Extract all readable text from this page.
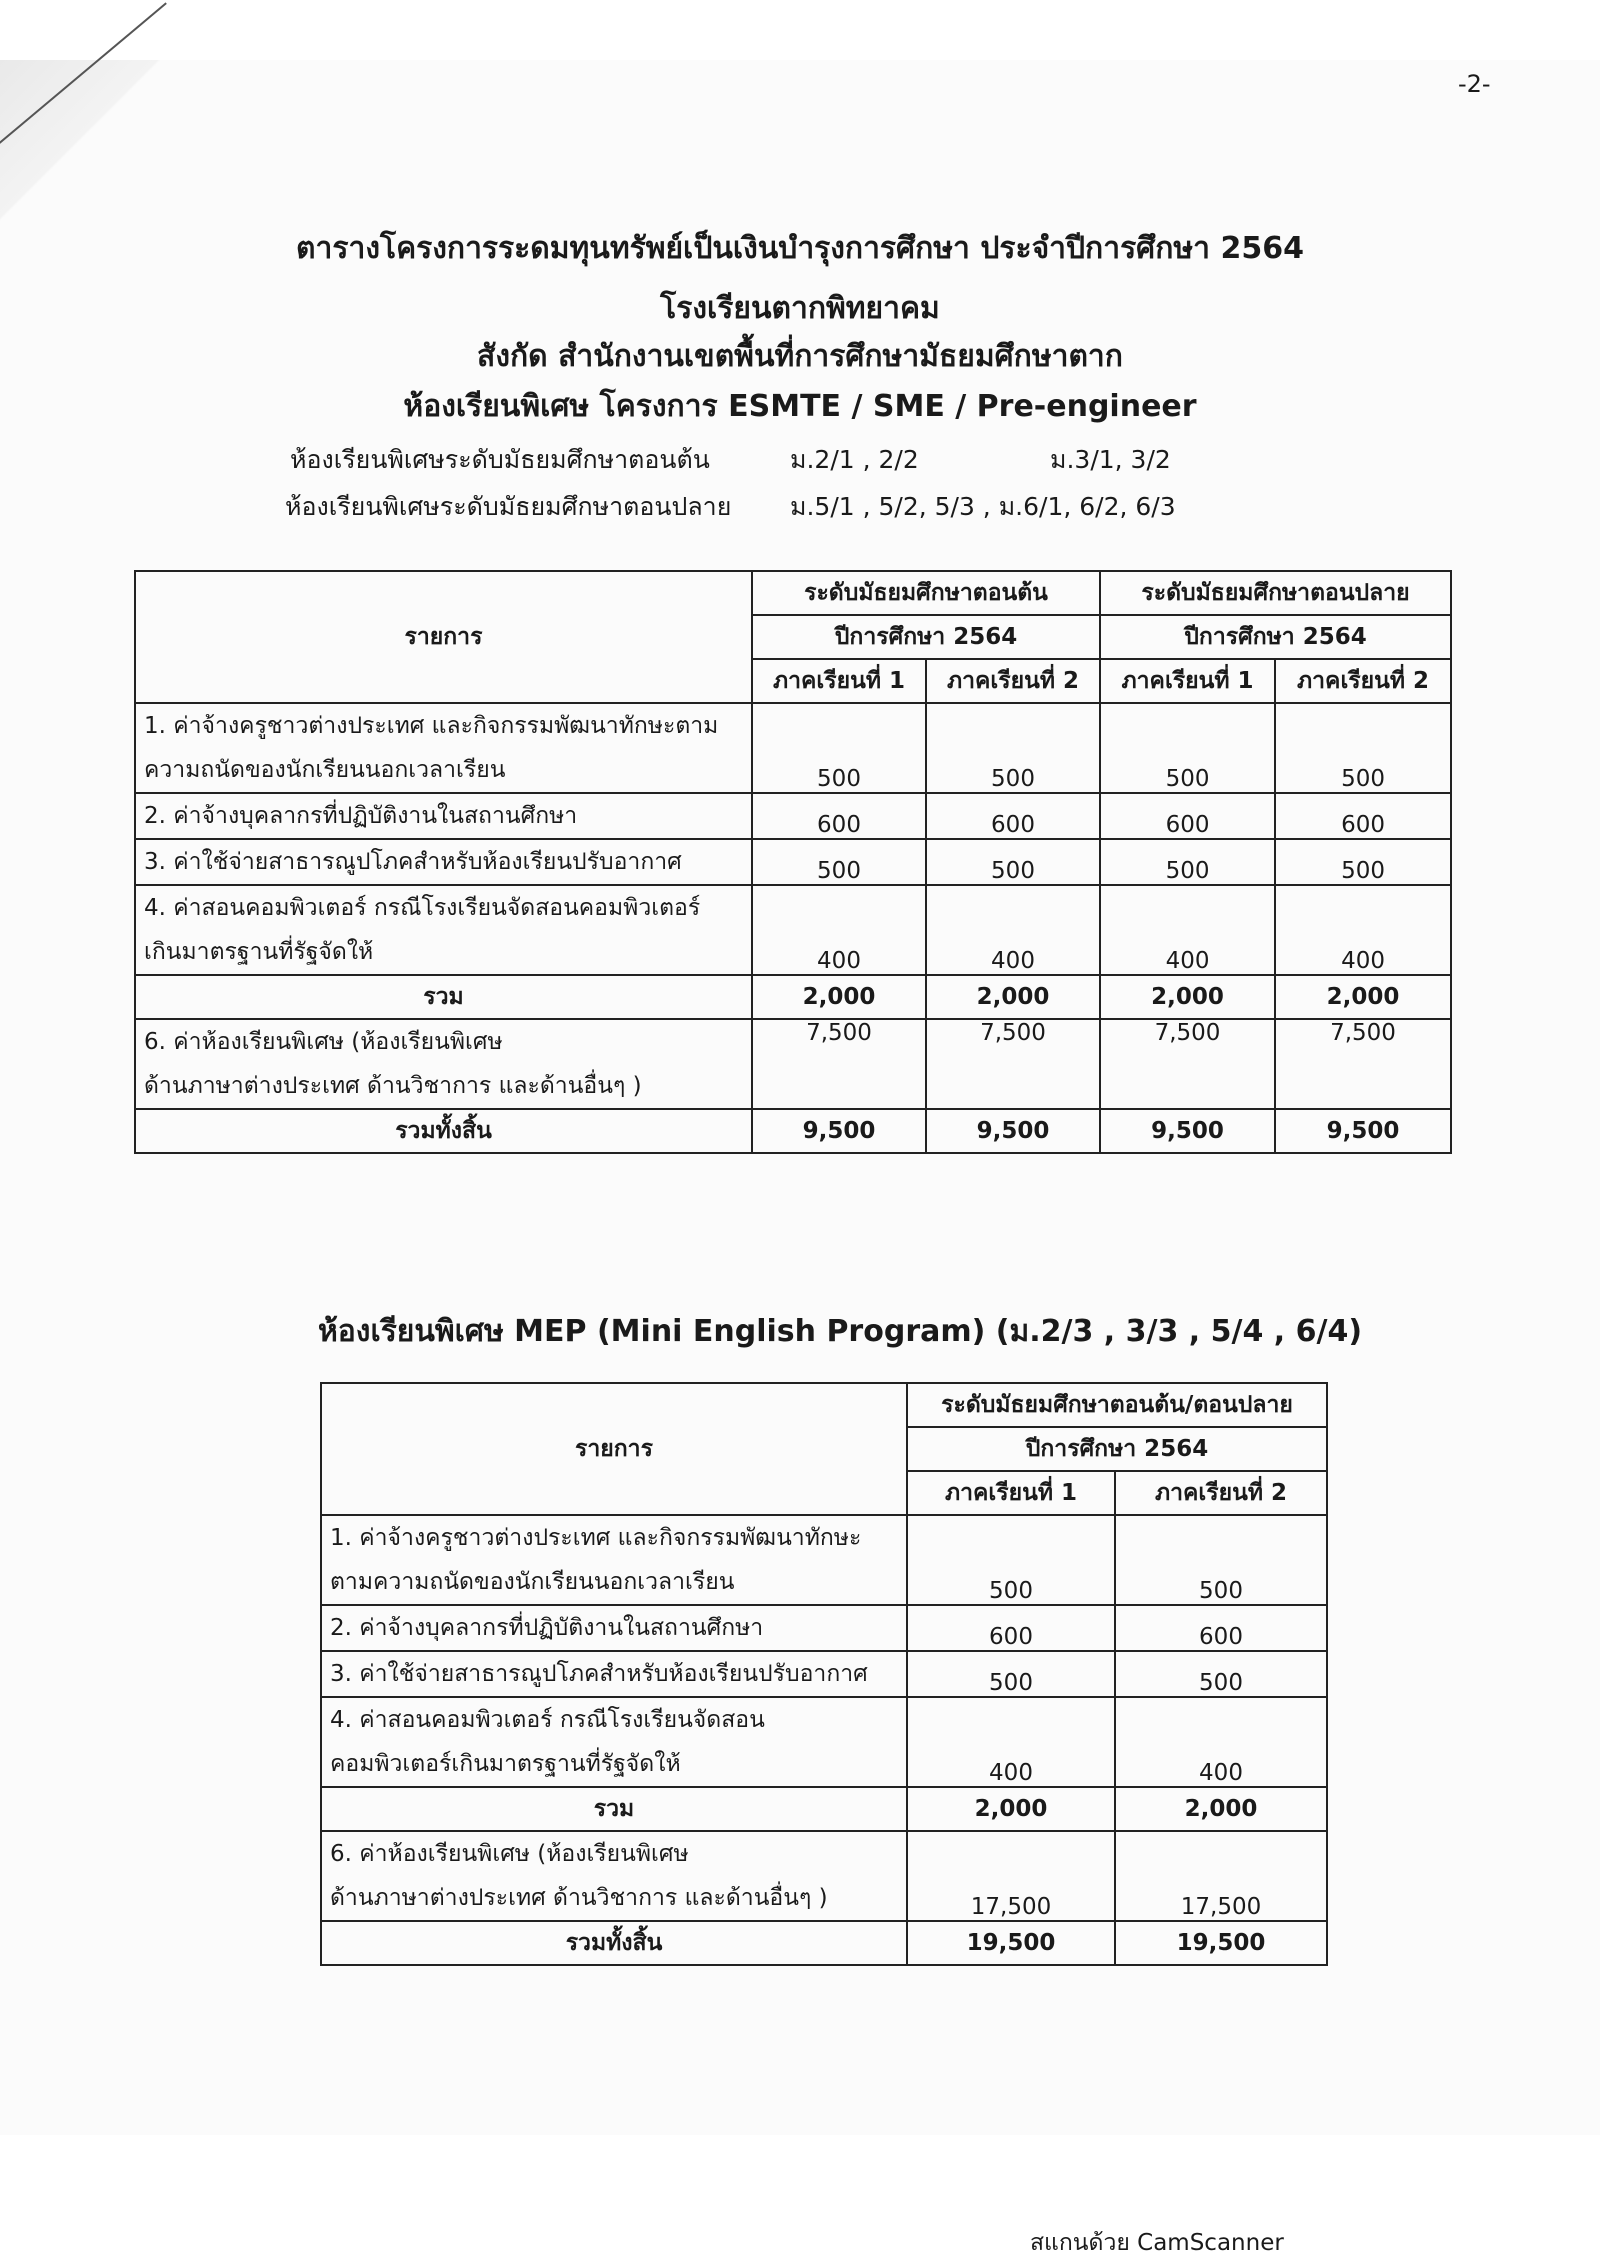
-2-
ตารางโครงการระดมทุนทรัพย์เป็นเงินบำรุงการศึกษา ประจำปีการศึกษา 2564
โรงเรียนตากพิทยาคม
สังกัด สำนักงานเขตพื้นที่การศึกษามัธยมศึกษาตาก
ห้องเรียนพิเศษ โครงการ ESMTE / SME / Pre-engineer
ห้องเรียนพิเศษระดับมัธยมศึกษาตอนต้น	ม.2/1 , 2/2	ม.3/1, 3/2
ห้องเรียนพิเศษระดับมัธยมศึกษาตอนปลาย ม.5/1 , 5/2, 5/3 , ม.6/1, 6/2, 6/3
รายการ	ระดับมัธยมศึกษาตอนต้น		ระดับมัธยมศึกษาตอนปลาย	
	ปีการศึกษา 2564		ปีการศึกษา 2564	
	ภาคเรียนที่ 1	ภาคเรียนที่ 2	ภาคเรียนที่ 1	ภาคเรียนที่ 2

1. ค่าจ้างครูชาวต่างประเทศ และกิจกรรมพัฒนาทักษะตาม
ความถนัดของนักเรียนนอกเวลาเรียน	500	500	500	500
2. ค่าจ้างบุคลากรที่ปฏิบัติงานในสถานศึกษา	600	600	600	600
3. ค่าใช้จ่ายสาธารณูปโภคสำหรับห้องเรียนปรับอากาศ	500	500	500	500

4. ค่าสอนคอมพิวเตอร์ กรณีโรงเรียนจัดสอนคอมพิวเตอร์
เกินมาตรฐานที่รัฐจัดให้	400	400	400	400
รวม	2,000	2,000	2,000	2,000

6. ค่าห้องเรียนพิเศษ (ห้องเรียนพิเศษ
ด้านภาษาต่างประเทศ ด้านวิชาการ และด้านอื่นๆ )	7,500	7,500	7,500	7,500
รวมทั้งสิ้น	9,500	9,500	9,500	9,500
ห้องเรียนพิเศษ MEP (Mini English Program) (ม.2/3 , 3/3 , 5/4 , 6/4)
รายการ	ระดับมัธยมศึกษาตอนต้น/ตอนปลาย	
	ปีการศึกษา 2564	
	ภาคเรียนที่ 1	ภาคเรียนที่ 2

1. ค่าจ้างครูชาวต่างประเทศ และกิจกรรมพัฒนาทักษะ
ตามความถนัดของนักเรียนนอกเวลาเรียน	500	500
2. ค่าจ้างบุคลากรที่ปฏิบัติงานในสถานศึกษา	600	600
3. ค่าใช้จ่ายสาธารณูปโภคสำหรับห้องเรียนปรับอากาศ	500	500

4. ค่าสอนคอมพิวเตอร์ กรณีโรงเรียนจัดสอน
คอมพิวเตอร์เกินมาตรฐานที่รัฐจัดให้	400	400
รวม	2,000	2,000

6. ค่าห้องเรียนพิเศษ (ห้องเรียนพิเศษ
ด้านภาษาต่างประเทศ ด้านวิชาการ และด้านอื่นๆ )	17,500	17,500
รวมทั้งสิ้น	19,500	19,500
สแกนด้วย CamScanner
